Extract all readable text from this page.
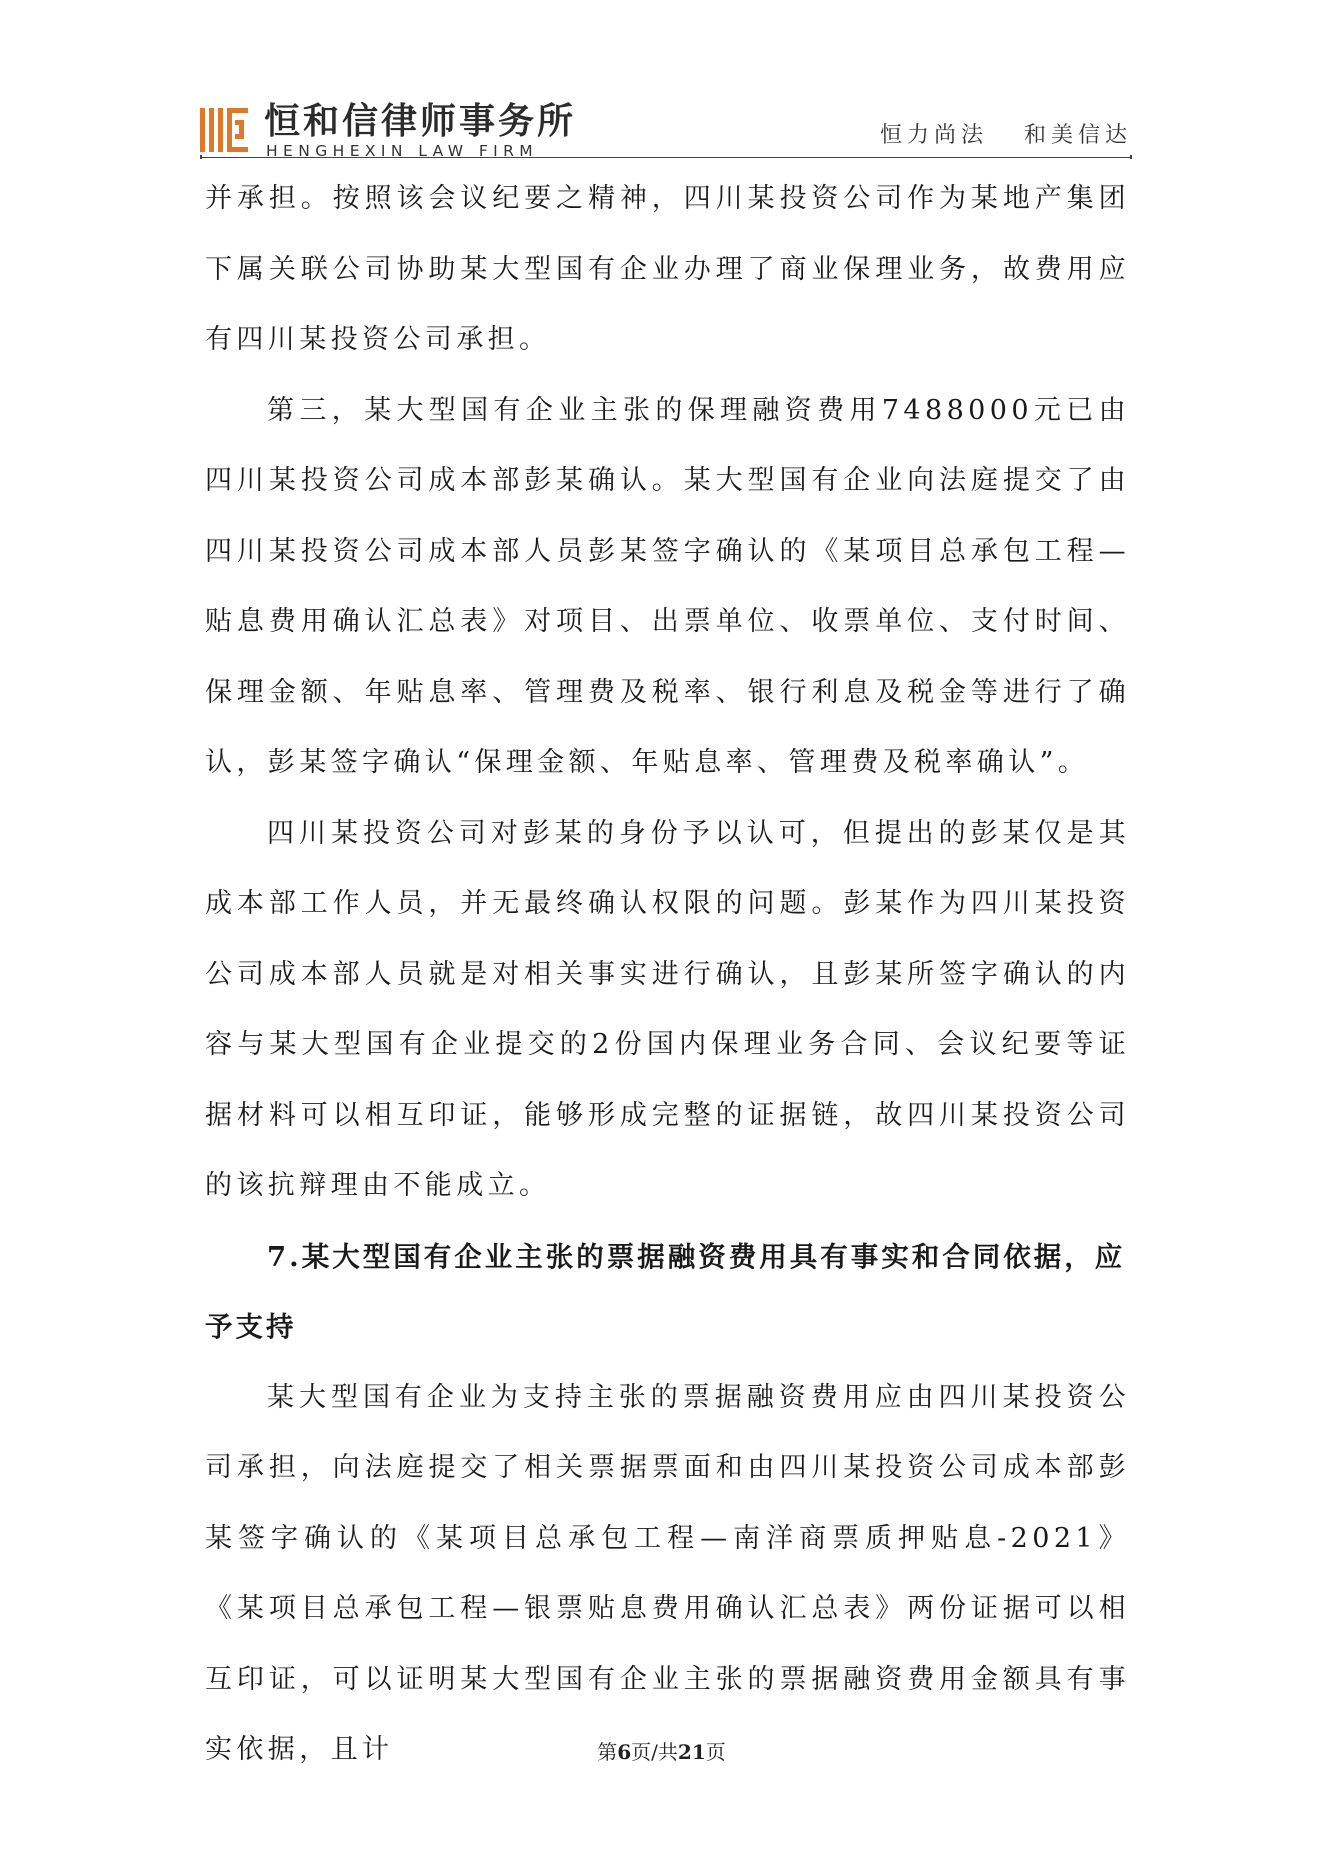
恒和信律师事务所
HENGHEXIN LAW FIRM
恒力尚法   和美信达

并承担。按照该会议纪要之精神，四川某投资公司作为某地产集团下属关联公司协助某大型国有企业办理了商业保理业务，故费用应有四川某投资公司承担。

第三，某大型国有企业主张的保理融资费用7488000元已由四川某投资公司成本部彭某确认。某大型国有企业向法庭提交了由四川某投资公司成本部人员彭某签字确认的《某项目总承包工程—贴息费用确认汇总表》对项目、出票单位、收票单位、支付时间、保理金额、年贴息率、管理费及税率、银行利息及税金等进行了确认，彭某签字确认“保理金额、年贴息率、管理费及税率确认”。

四川某投资公司对彭某的身份予以认可，但提出的彭某仅是其成本部工作人员，并无最终确认权限的问题。彭某作为四川某投资公司成本部人员就是对相关事实进行确认，且彭某所签字确认的内容与某大型国有企业提交的2份国内保理业务合同、会议纪要等证据材料可以相互印证，能够形成完整的证据链，故四川某投资公司的该抗辩理由不能成立。

7.某大型国有企业主张的票据融资费用具有事实和合同依据，应予支持

某大型国有企业为支持主张的票据融资费用应由四川某投资公司承担，向法庭提交了相关票据票面和由四川某投资公司成本部彭某签字确认的《某项目总承包工程—南洋商票质押贴息-2021》《某项目总承包工程—银票贴息费用确认汇总表》两份证据可以相互印证，可以证明某大型国有企业主张的票据融资费用金额具有事实依据，且计	第6页/共21页
